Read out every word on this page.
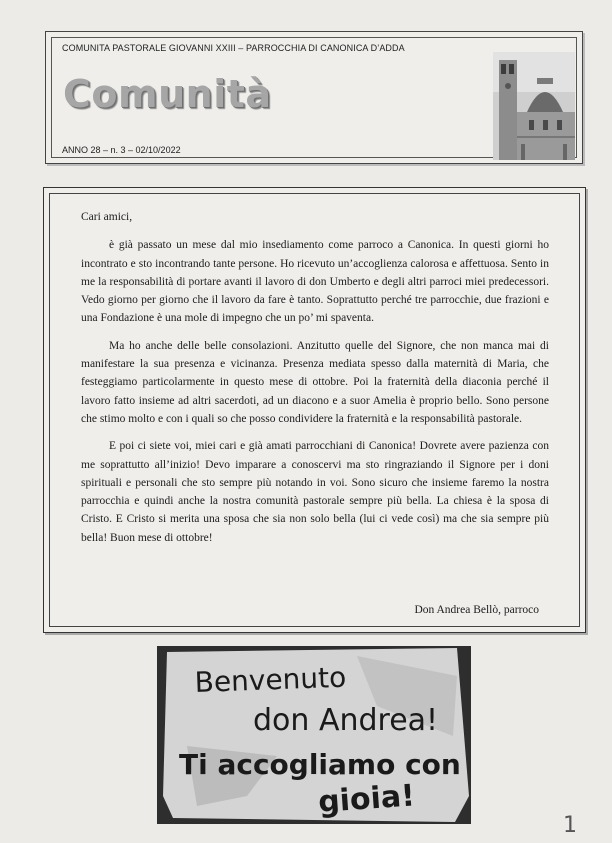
COMUNITA PASTORALE GIOVANNI XXIII – PARROCCHIA DI CANONICA D’ADDA
Comunità
ANNO 28 – n. 3 – 02/10/2022

Cari amici,

è già passato un mese dal mio insediamento come parroco a Canonica. In questi giorni ho incontrato e sto incontrando tante persone. Ho ricevuto un’accoglienza calorosa e affettuosa. Sento in me la responsabilità di portare avanti il lavoro di don Umberto e degli altri parroci miei predecessori. Vedo giorno per giorno che il lavoro da fare è tanto. Soprattutto perché tre parrocchie, due frazioni e una Fondazione è una mole di impegno che un po’ mi spaventa.

Ma ho anche delle belle consolazioni. Anzitutto quelle del Signore, che non manca mai di manifestare la sua presenza e vicinanza. Presenza mediata spesso dalla maternità di Maria, che festeggiamo particolarmente in questo mese di ottobre. Poi la fraternità della diaconia perché il lavoro fatto insieme ad altri sacerdoti, ad un diacono e a suor Amelia è proprio bello. Sono persone che stimo molto e con i quali so che posso condividere la fraternità e la responsabilità pastorale.

E poi ci siete voi, miei cari e già amati parrocchiani di Canonica! Dovrete avere pazienza con me soprattutto all’inizio! Devo imparare a conoscervi ma sto ringraziando il Signore per i doni spirituali e personali che sto sempre più notando in voi. Sono sicuro che insieme faremo la nostra parrocchia e quindi anche la nostra comunità pastorale sempre più bella. La chiesa è la sposa di Cristo. E Cristo si merita una sposa che sia non solo bella (lui ci vede così) ma che sia sempre più bella! Buon mese di ottobre!

Don Andrea Bellò, parroco
Benvenuto
don Andrea!
Ti accogliamo con
gioia!
1
